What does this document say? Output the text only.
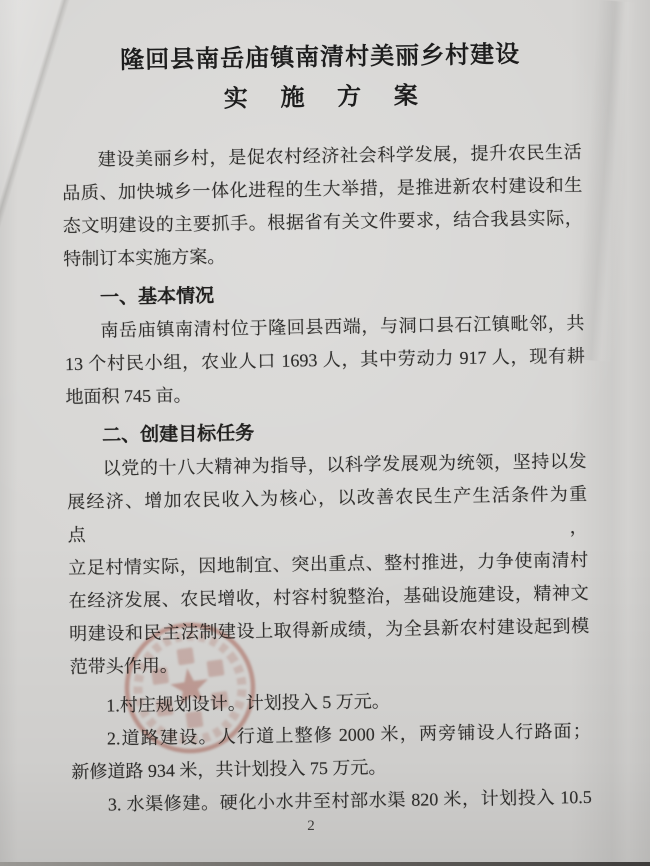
隆回县南岳庙镇南清村美丽乡村建设
实 施 方 案
建设美丽乡村，是促农村经济社会科学发展，提升农民生活
品质、加快城乡一体化进程的生大举措，是推进新农村建设和生
态文明建设的主要抓手。根据省有关文件要求，结合我县实际，
特制订本实施方案。
一、基本情况
南岳庙镇南清村位于隆回县西端，与洞口县石江镇毗邻，共
13 个村民小组，农业人口 1693 人，其中劳动力 917 人，现有耕
地面积 745 亩。
二、创建目标任务
以党的十八大精神为指导，以科学发展观为统领，坚持以发
展经济、增加农民收入为核心，以改善农民生产生活条件为重点，
立足村情实际，因地制宜、突出重点、整村推进，力争使南清村
在经济发展、农民增收，村容村貌整治，基础设施建设，精神文
明建设和民主法制建设上取得新成绩，为全县新农村建设起到模
范带头作用。
1.村庄规划设计。计划投入 5 万元。
2.道路建设。人行道上整修 2000 米，两旁铺设人行路面；
新修道路 934 米，共计划投入 75 万元。
3. 水渠修建。硬化小水井至村部水渠 820 米，计划投入 10.5
2
